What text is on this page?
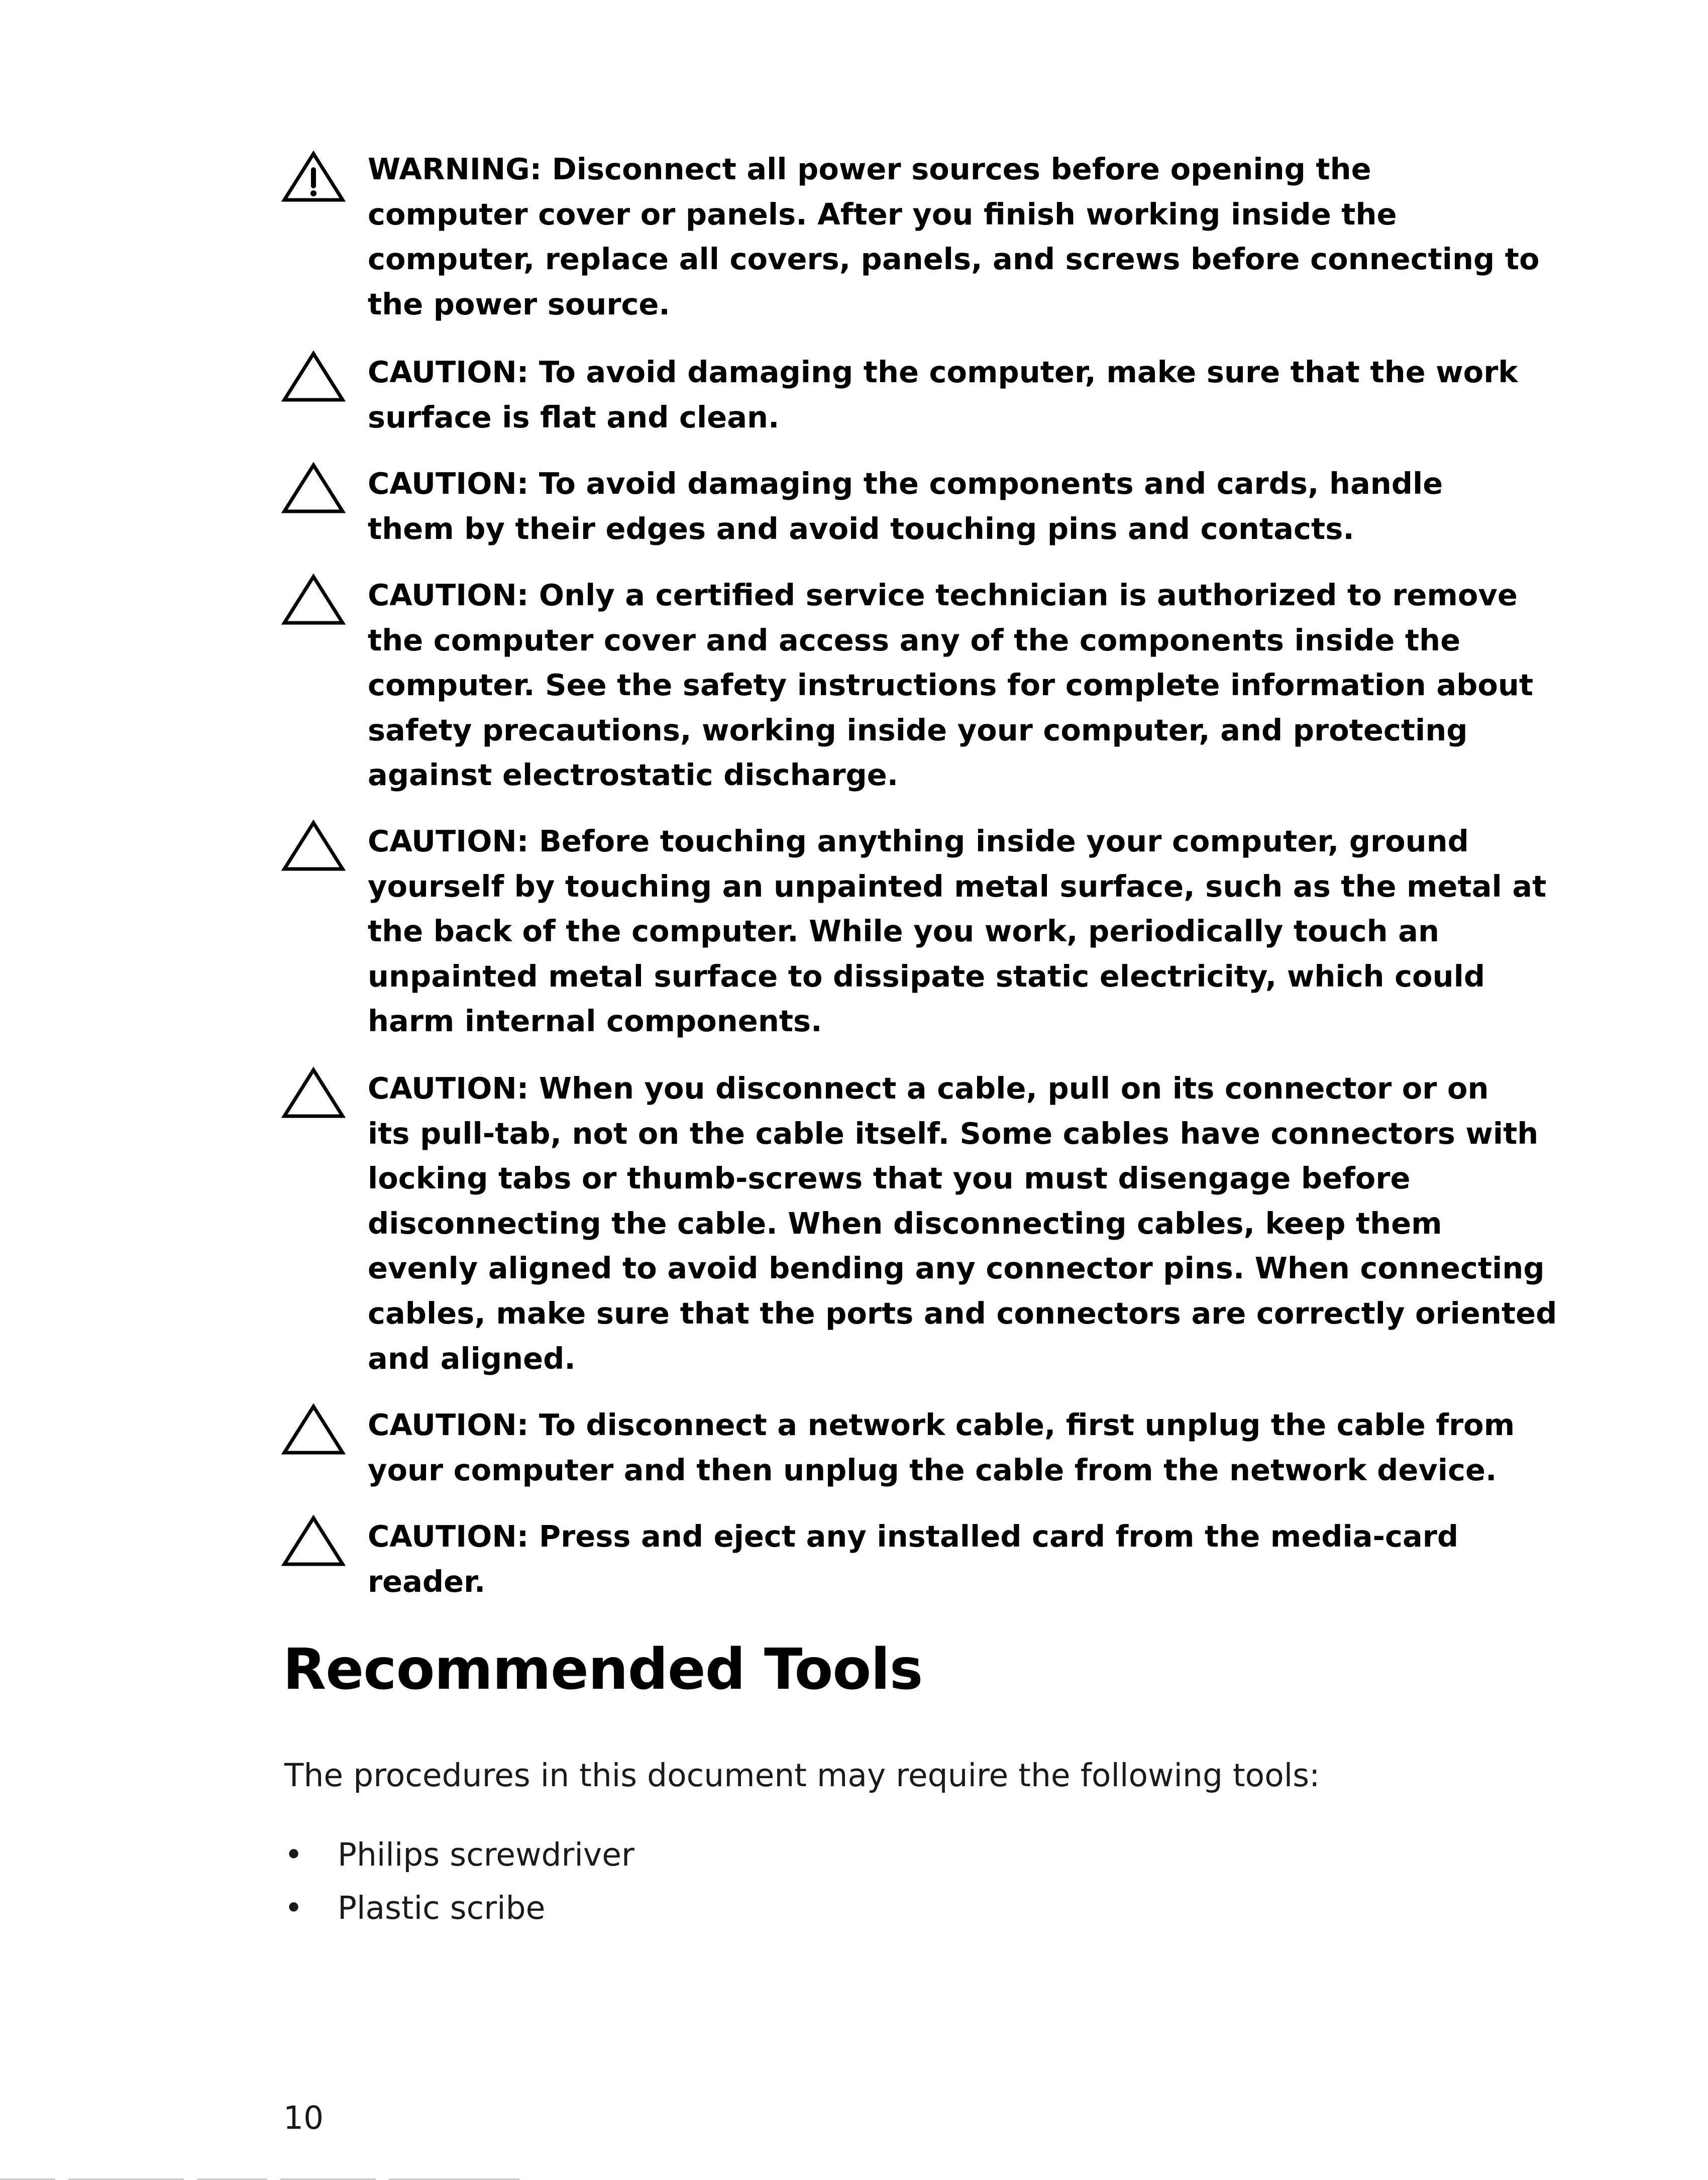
WARNING: Disconnect all power sources before opening the
computer cover or panels. After you finish working inside the
computer, replace all covers, panels, and screws before connecting to
the power source.

CAUTION: To avoid damaging the computer, make sure that the work
surface is flat and clean.

CAUTION: To avoid damaging the components and cards, handle
them by their edges and avoid touching pins and contacts.

CAUTION: Only a certified service technician is authorized to remove
the computer cover and access any of the components inside the
computer. See the safety instructions for complete information about
safety precautions, working inside your computer, and protecting
against electrostatic discharge.

CAUTION: Before touching anything inside your computer, ground
yourself by touching an unpainted metal surface, such as the metal at
the back of the computer. While you work, periodically touch an
unpainted metal surface to dissipate static electricity, which could
harm internal components.

CAUTION: When you disconnect a cable, pull on its connector or on
its pull-tab, not on the cable itself. Some cables have connectors with
locking tabs or thumb-screws that you must disengage before
disconnecting the cable. When disconnecting cables, keep them
evenly aligned to avoid bending any connector pins. When connecting
cables, make sure that the ports and connectors are correctly oriented
and aligned.

CAUTION: To disconnect a network cable, first unplug the cable from
your computer and then unplug the cable from the network device.

CAUTION: Press and eject any installed card from the media-card
reader.

Recommended Tools

The procedures in this document may require the following tools:

• Philips screwdriver
• Plastic scribe
10
